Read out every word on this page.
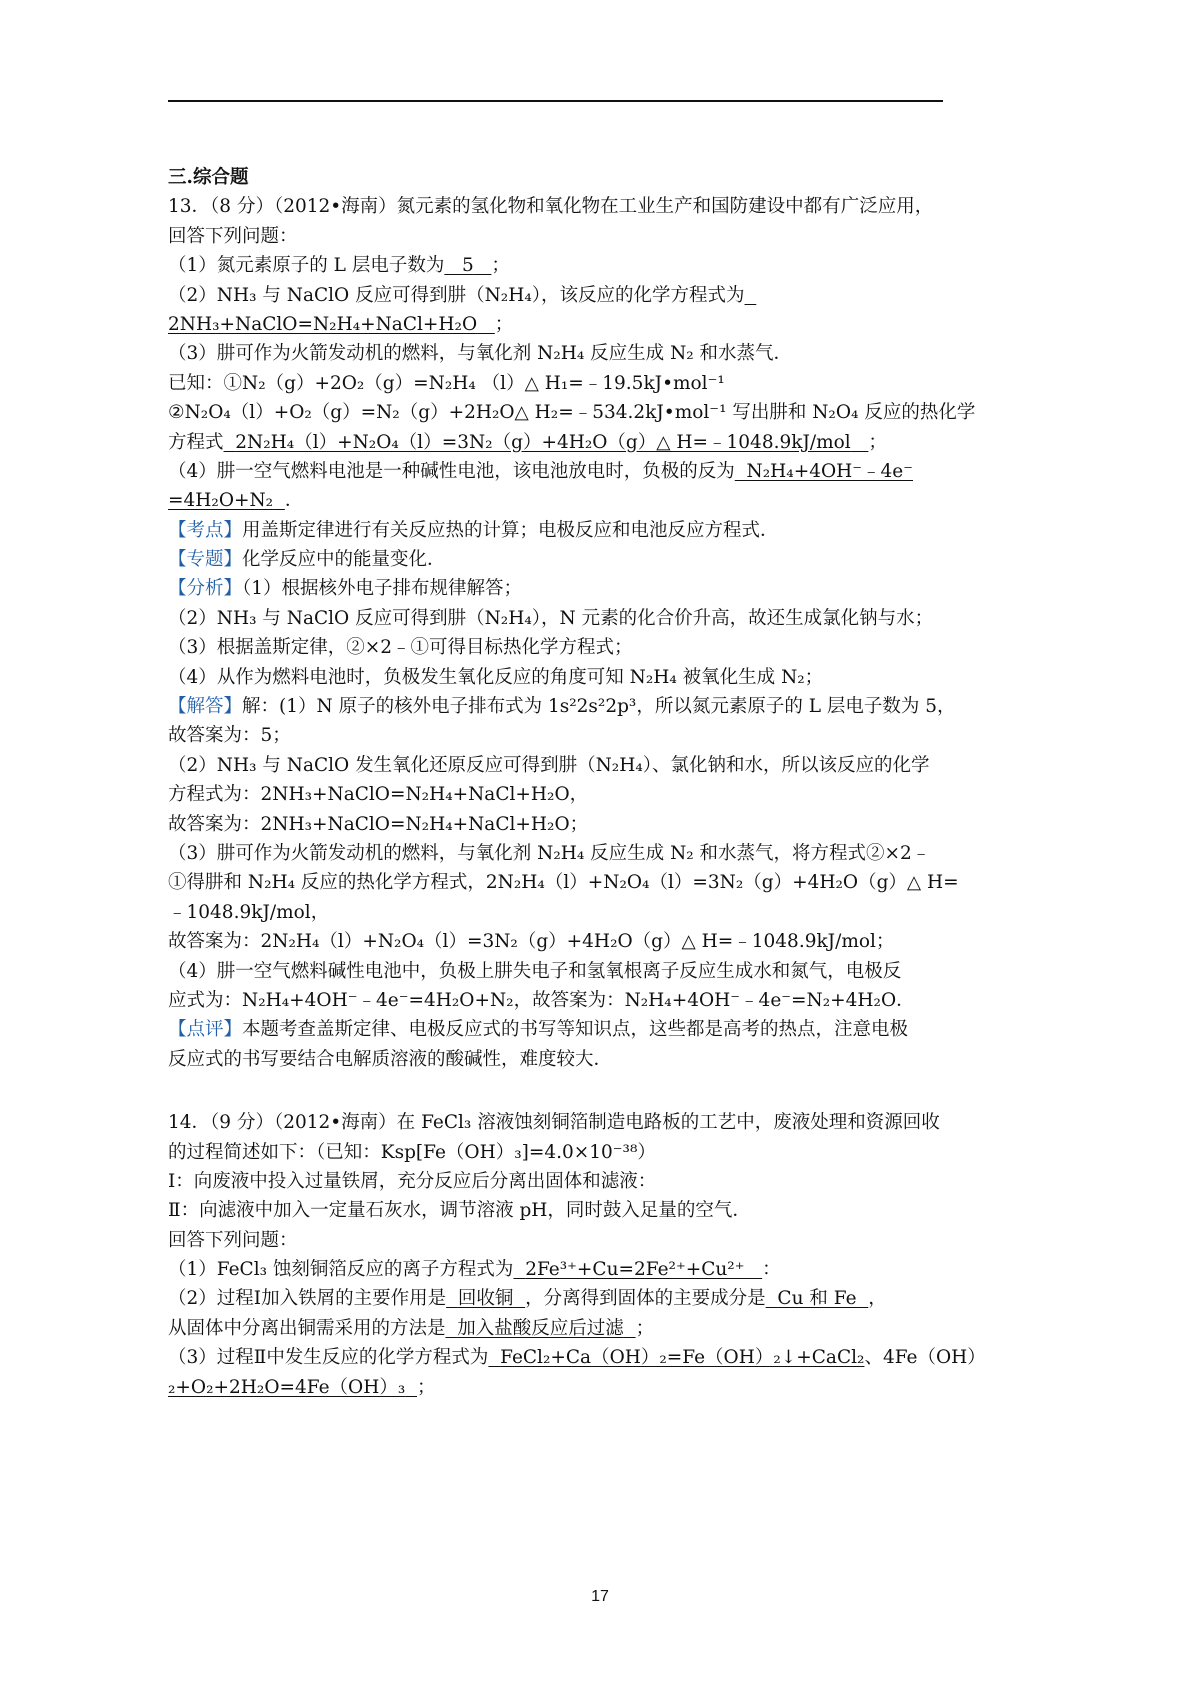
三.综合题
13．（8 分）（2012•海南）氮元素的氢化物和氧化物在工业生产和国防建设中都有广泛应用，
回答下列问题：
（1）氮元素原子的 L 层电子数为 5 ；
（2）NH₃ 与 NaClO 反应可得到肼（N₂H₄），该反应的化学方程式为
2NH₃+NaClO=N₂H₄+NaCl+H₂O ；
（3）肼可作为火箭发动机的燃料，与氧化剂 N₂H₄ 反应生成 N₂ 和水蒸气．
已知：①N₂（g）+2O₂（g）=N₂H₄ （l）△ H₁=﹣19.5kJ•mol⁻¹
②N₂O₄（l）+O₂（g）=N₂（g）+2H₂O△ H₂=﹣534.2kJ•mol⁻¹ 写出肼和 N₂O₄ 反应的热化学
方程式 2N₂H₄（l）+N₂O₄（l）=3N₂（g）+4H₂O（g）△ H=﹣1048.9kJ/mol ；
（4）肼一空气燃料电池是一种碱性电池，该电池放电时，负极的反为 N₂H₄+4OH⁻﹣4e⁻
=4H₂O+N₂ ．
【考点】用盖斯定律进行有关反应热的计算；电极反应和电池反应方程式．
【专题】化学反应中的能量变化．
【分析】（1）根据核外电子排布规律解答；
（2）NH₃ 与 NaClO 反应可得到肼（N₂H₄），N 元素的化合价升高，故还生成氯化钠与水；
（3）根据盖斯定律，②×2﹣①可得目标热化学方程式；
（4）从作为燃料电池时，负极发生氧化反应的角度可知 N₂H₄ 被氧化生成 N₂；
【解答】解：(1）N 原子的核外电子排布式为 1s²2s²2p³，所以氮元素原子的 L 层电子数为 5，
故答案为：5；
（2）NH₃ 与 NaClO 发生氧化还原反应可得到肼（N₂H₄）、氯化钠和水，所以该反应的化学
方程式为：2NH₃+NaClO=N₂H₄+NaCl+H₂O，
故答案为：2NH₃+NaClO=N₂H₄+NaCl+H₂O；
（3）肼可作为火箭发动机的燃料，与氧化剂 N₂H₄ 反应生成 N₂ 和水蒸气，将方程式②×2﹣
①得肼和 N₂H₄ 反应的热化学方程式，2N₂H₄（l）+N₂O₄（l）=3N₂（g）+4H₂O（g）△ H=
﹣1048.9kJ/mol，
故答案为：2N₂H₄（l）+N₂O₄（l）=3N₂（g）+4H₂O（g）△ H=﹣1048.9kJ/mol；
（4）肼一空气燃料碱性电池中，负极上肼失电子和氢氧根离子反应生成水和氮气，电极反
应式为：N₂H₄+4OH⁻﹣4e⁻=4H₂O+N₂，故答案为：N₂H₄+4OH⁻﹣4e⁻=N₂+4H₂O．
【点评】本题考查盖斯定律、电极反应式的书写等知识点，这些都是高考的热点，注意电极
反应式的书写要结合电解质溶液的酸碱性，难度较大．
14．（9 分）（2012•海南）在 FeCl₃ 溶液蚀刻铜箔制造电路板的工艺中，废液处理和资源回收
的过程简述如下：（已知：Ksp[Fe（OH）₃]=4.0×10⁻³⁸）
Ⅰ：向废液中投入过量铁屑，充分反应后分离出固体和滤液：
Ⅱ：向滤液中加入一定量石灰水，调节溶液 pH，同时鼓入足量的空气．
回答下列问题：
（1）FeCl₃ 蚀刻铜箔反应的离子方程式为 2Fe³⁺+Cu=2Fe²⁺+Cu²⁺ ：
（2）过程Ⅰ加入铁屑的主要作用是 回收铜 ，分离得到固体的主要成分是 Cu 和 Fe ，
从固体中分离出铜需采用的方法是 加入盐酸反应后过滤 ；
（3）过程Ⅱ中发生反应的化学方程式为 FeCl₂+Ca（OH）₂=Fe（OH）₂↓+CaCl₂、4Fe（OH）
₂+O₂+2H₂O=4Fe（OH）₃ ；
17
